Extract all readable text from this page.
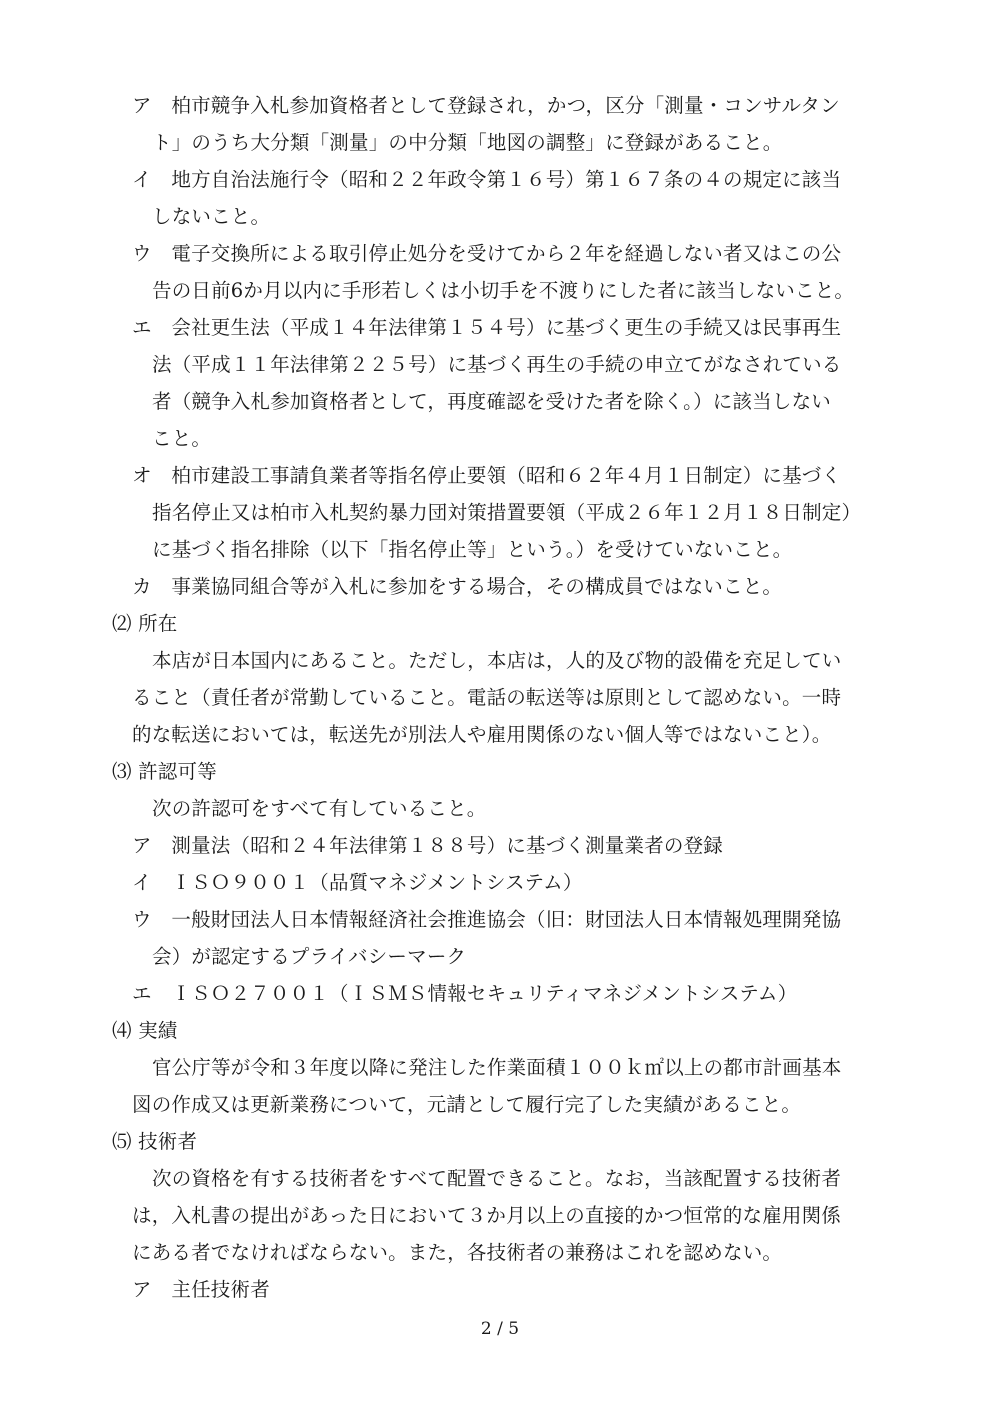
ア　柏市競争入札参加資格者として登録され，かつ，区分「測量・コンサルタン
ト」のうち大分類「測量」の中分類「地図の調整」に登録があること。
イ　地方自治法施行令（昭和２２年政令第１６号）第１６７条の４の規定に該当
しないこと。
ウ　電子交換所による取引停止処分を受けてから２年を経過しない者又はこの公
告の日前6か月以内に手形若しくは小切手を不渡りにした者に該当しないこと。
エ　会社更生法（平成１４年法律第１５４号）に基づく更生の手続又は民事再生
法（平成１１年法律第２２５号）に基づく再生の手続の申立てがなされている
者（競争入札参加資格者として，再度確認を受けた者を除く。）に該当しない
こと。
オ　柏市建設工事請負業者等指名停止要領（昭和６２年４月１日制定）に基づく
指名停止又は柏市入札契約暴力団対策措置要領（平成２６年１２月１８日制定）
に基づく指名排除（以下「指名停止等」という。）を受けていないこと。
カ　事業協同組合等が入札に参加をする場合，その構成員ではないこと。
⑵ 所在
本店が日本国内にあること。ただし，本店は，人的及び物的設備を充足してい
ること（責任者が常勤していること。電話の転送等は原則として認めない。一時
的な転送においては，転送先が別法人や雇用関係のない個人等ではないこと）。
⑶ 許認可等
次の許認可をすべて有していること。
ア　測量法（昭和２４年法律第１８８号）に基づく測量業者の登録
イ　ＩＳＯ９００１（品質マネジメントシステム）
ウ　一般財団法人日本情報経済社会推進協会（旧：財団法人日本情報処理開発協
会）が認定するプライバシーマーク
エ　ＩＳＯ２７００１（ＩＳＭＳ情報セキュリティマネジメントシステム）
⑷ 実績
官公庁等が令和３年度以降に発注した作業面積１００ｋ㎡以上の都市計画基本
図の作成又は更新業務について，元請として履行完了した実績があること。
⑸ 技術者
次の資格を有する技術者をすべて配置できること。なお，当該配置する技術者
は，入札書の提出があった日において３か月以上の直接的かつ恒常的な雇用関係
にある者でなければならない。また，各技術者の兼務はこれを認めない。
ア　主任技術者
2 / 5
